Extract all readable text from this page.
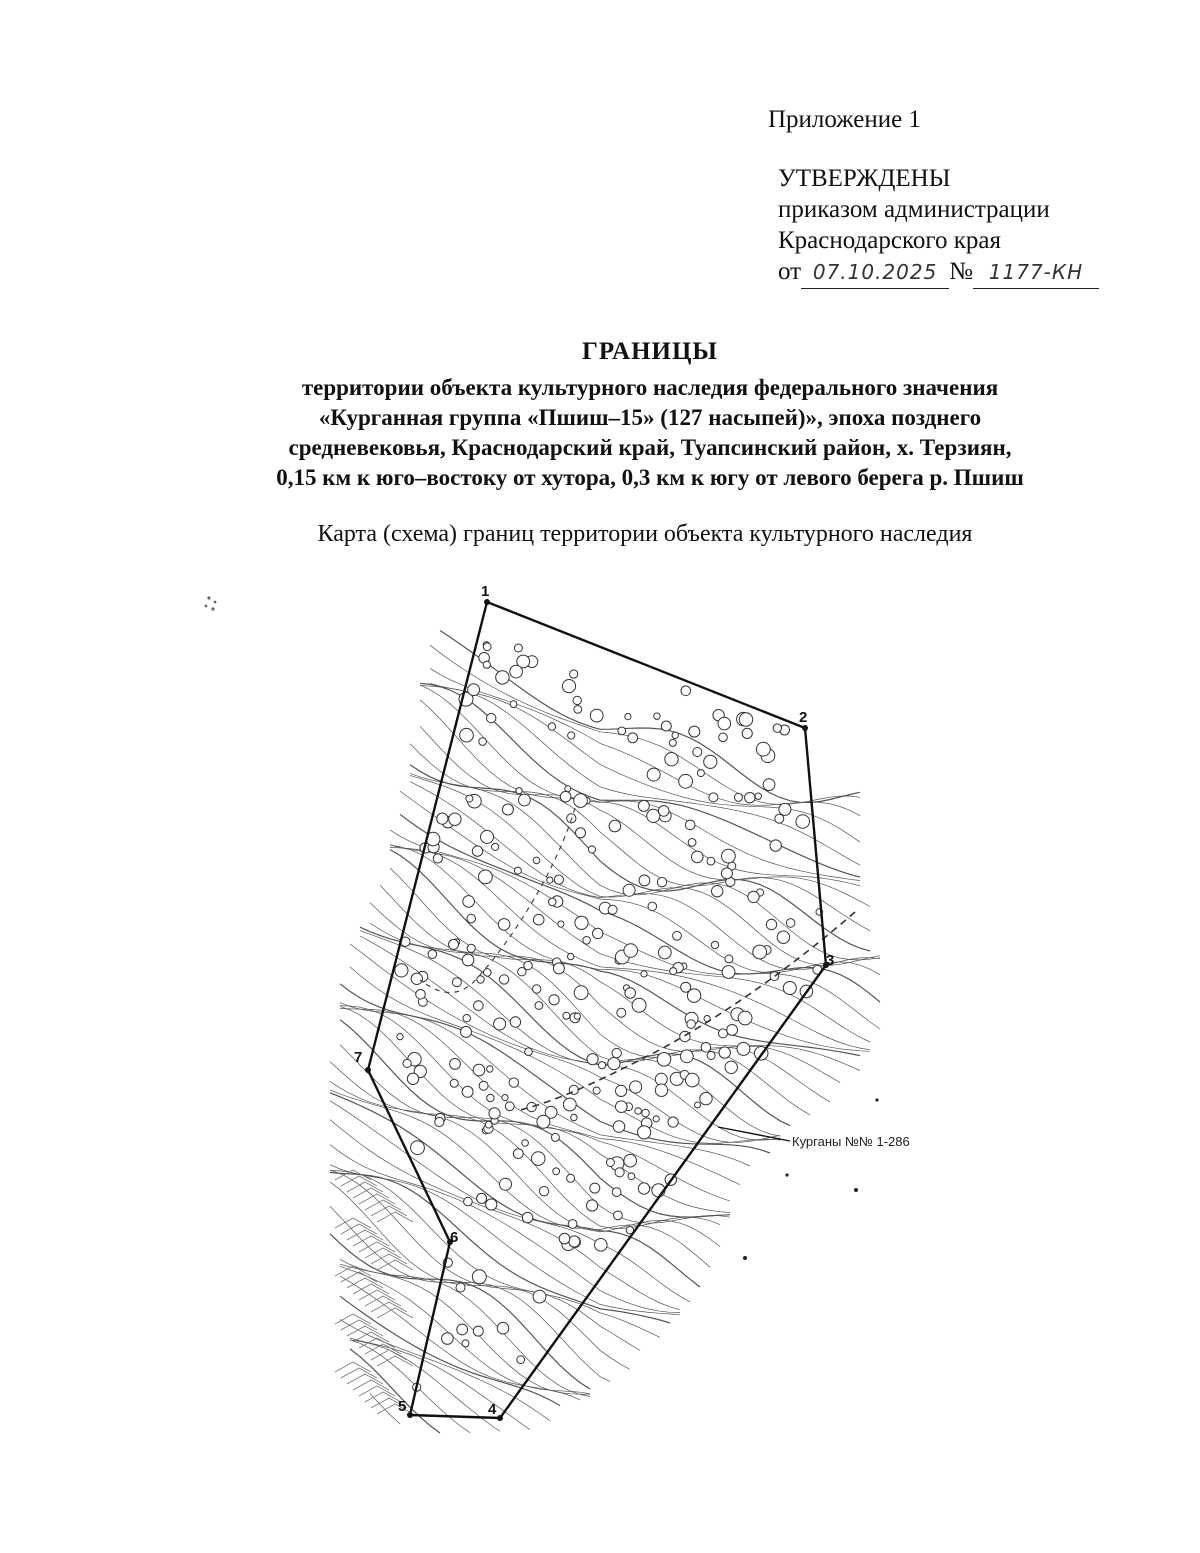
Приложение 1
УТВЕРЖДЕНЫ
приказом администрации
Краснодарского края
от 07.10.2025 № 1177-КН
ГРАНИЦЫ
территории объекта культурного наследия федерального значения
«Курганная группа «Пшиш–15» (127 насыпей)», эпоха позднего
средневековья, Краснодарский край, Туапсинский район, х. Терзиян,
0,15 км к юго–востоку от хутора, 0,3 км к югу от левого берега р. Пшиш
Карта (схема) границ территории объекта культурного наследия
1
2
3
4
5
6
7
Курганы №№ 1-286
